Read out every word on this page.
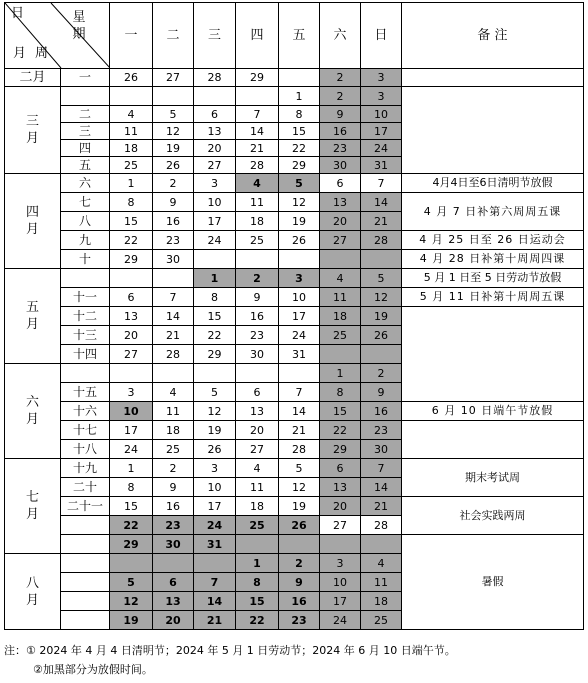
日 星 期
月 周		一	二	三	四	五	六	日	备 注
二月	一	26	27	28	29		2	3	
三月						1	2	3	
	二	4	5	6	7	8	9	10	
	三	11	12	13	14	15	16	17	
	四	18	19	20	21	22	23	24	
	五	25	26	27	28	29	30	31	
四月	六	1	2	3	4	5	6	7	4月4日至6日清明节放假
	七	8	9	10	11	12	13	14	4 月 7 日补第六周周五课
	八	15	16	17	18	19	20	21	
	九	22	23	24	25	26	27	28	4 月 25 日至 26 日运动会
	十	29	30						4 月 28 日补第十周周四课
五月				1	2	3	4	5	5 月 1 日至 5 日劳动节放假
	十一	6	7	8	9	10	11	12	5 月 11 日补第十周周五课
	十二	13	14	15	16	17	18	19	
	十三	20	21	22	23	24	25	26	
	十四	27	28	29	30	31			
六月							1	2	
	十五	3	4	5	6	7	8	9	
	十六	10	11	12	13	14	15	16	6 月 10 日端午节放假
	十七	17	18	19	20	21	22	23	
	十八	24	25	26	27	28	29	30	
七月	十九	1	2	3	4	5	6	7	期末考试周
	二十	8	9	10	11	12	13	14	
	二十一	15	16	17	18	19	20	21	社会实践两周
		22	23	24	25	26	27	28	
		29	30	31					暑假
八月					1	2	3	4	
		5	6	7	8	9	10	11	
		12	13	14	15	16	17	18	
		19	20	21	22	23	24	25	
注：① 2024 年 4 月 4 日清明节；2024 年 5 月 1 日劳动节；2024 年 6 月 10 日端午节。
②加黑部分为放假时间。
